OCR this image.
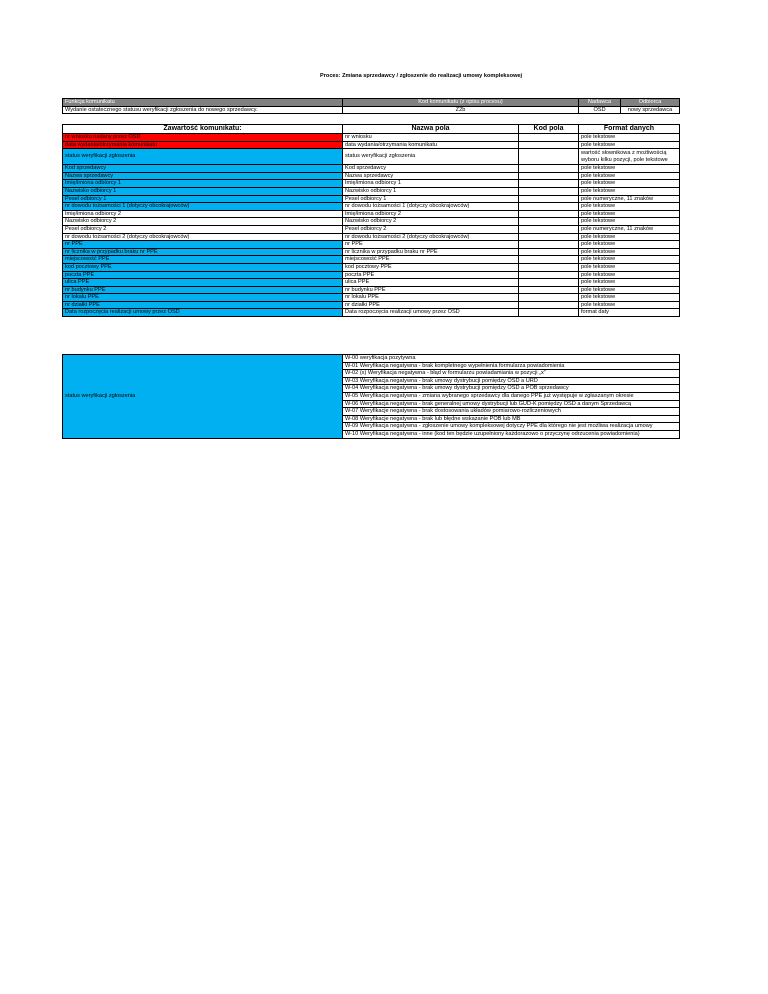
Proces: Zmiana sprzedawcy / zgłoszenie do realizacji umowy kompleksowej
Funkcja komunikatu	Kod komunikatu (z opisu procesu)	Nadawca	Odbiorca
Wydanie ostatecznego statusu weryfikacji zgłoszenia do nowego sprzedawcy.	Z2b	OSD	nowy sprzedawca
Zawartość komunikatu:	Nazwa pola	Kod pola	Format danych
nr wniosku nadany przez OSD	nr wniosku		pole tekstowe
data wydania/otrzymania komunikatu	data wydania/otrzymania komunikatu		pole tekstowe
status weryfikacji zgłoszenia	status weryfikacji zgłoszenia		wartość słownikowa z możliwością wyboru kilku pozycji, pole tekstowe
Kod sprzedawcy	Kod sprzedawcy		pole tekstowe
Nazwa sprzedawcy	Nazwa sprzedawcy		pole tekstowe
Imię/imiona odbiorcy 1	Imię/imiona odbiorcy 1		pole tekstowe
Nazwisko odbiorcy 1	Nazwisko odbiorcy 1		pole tekstowe
Pesel odbiorcy 1	Pesel odbiorcy 1		pole numeryczne, 11 znaków
nr dowodu tożsamości 1 (dotyczy obcokrajowców)	nr dowodu tożsamości 1 (dotyczy obcokrajowców)		pole tekstowe
Imię/imiona odbiorcy 2	Imię/imiona odbiorcy 2		pole tekstowe
Nazwisko odbiorcy 2	Nazwisko odbiorcy 2		pole tekstowe
Pesel odbiorcy 2	Pesel odbiorcy 2		pole numeryczne, 11 znaków
nr dowodu tożsamości 2 (dotyczy obcokrajowców)	nr dowodu tożsamości 2 (dotyczy obcokrajowców)		pole tekstowe
nr PPE	nr PPE		pole tekstowe
nr licznika w przypadku braku nr PPE	nr licznika w przypadku braku nr PPE		pole tekstowe
miejscowość PPE	miejscowość PPE		pole tekstowe
kod pocztowy PPE	kod pocztowy PPE		pole tekstowe
poczta PPE	poczta PPE		pole tekstowe
ulica PPE	ulica PPE		pole tekstowe
nr budynku PPE	nr budynku PPE		pole tekstowe
nr lokalu PPE	nr lokalu PPE		pole tekstowe
nr działki PPE	nr działki PPE		pole tekstowe
Data rozpoczęcia realizacji umowy przez OSD	Data rozpoczęcia realizacji umowy przez OSD		format daty
status weryfikacji zgłoszenia	W-00 weryfikacja pozytywna
W-01 Weryfikacja negatywna - brak kompletnego wypełnienia formularza powiadomienia
W-02 (x) Weryfikacja negatywna - błąd w formularzu powiadamiania w pozycji „x”
W-03 Weryfikacja negatywna - brak umowy dystrybucji pomiędzy OSD a URD
W-04 Weryfikacja negatywna - brak umowy dystrybucji pomiędzy OSD a POB sprzedawcy
W-05 Weryfikacja negatywna - zmiana wybranego sprzedawcy dla danego PPE już występuje w zgłaszanym okresie
W-06 Weryfikacja negatywna - brak generalnej umowy dystrybucji lub GUD-K pomiędzy OSD a danym Sprzedawcą
W-07 Weryfikacje negatywna - brak dostosowania układów pomiarowo-rozliczeniowych
W-08 Weryfikacje negatywna - brak lub błędne wskazanie POB lub MB
W-09 Weryfikacja negatywna - zgłoszenie umowy kompleksowej dotyczy PPE dla którego nie jest możliwa realizacja umowy
W-10 Weryfikacja negatywna - inne (kod ten będzie uzupełniony każdorazowo o przyczynę odrzucenia powiadomienia)
